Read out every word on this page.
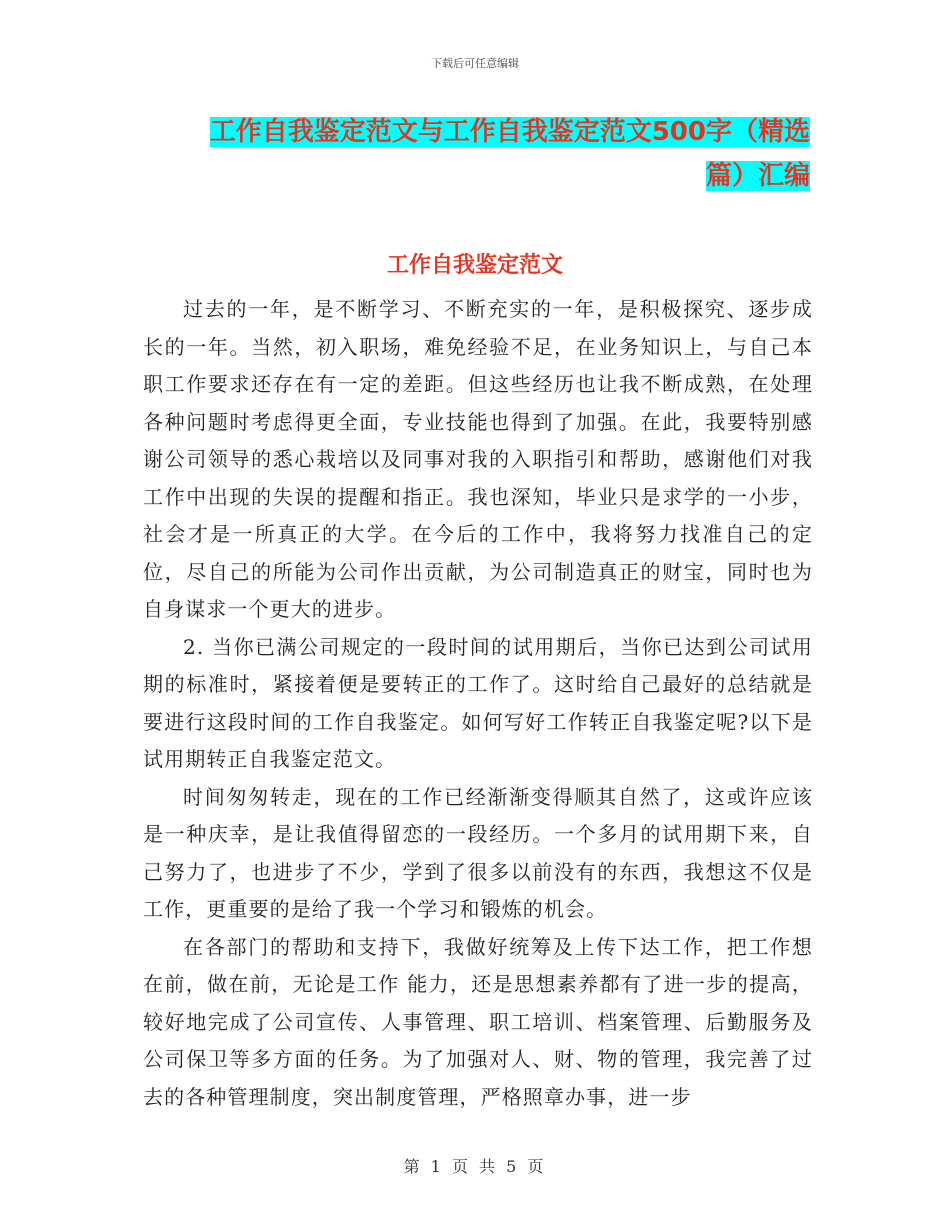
下载后可任意编辑
工作自我鉴定范文与工作自我鉴定范文500字（精选篇）汇编
工作自我鉴定范文

过去的一年，是不断学习、不断充实的一年，是积极探究、逐步成长的一年。当然，初入职场，难免经验不足，在业务知识上，与自己本职工作要求还存在有一定的差距。但这些经历也让我不断成熟，在处理各种问题时考虑得更全面，专业技能也得到了加强。在此，我要特别感谢公司领导的悉心栽培以及同事对我的入职指引和帮助，感谢他们对我工作中出现的失误的提醒和指正。我也深知，毕业只是求学的一小步，社会才是一所真正的大学。在今后的工作中，我将努力找准自己的定位，尽自己的所能为公司作出贡献，为公司制造真正的财宝，同时也为自身谋求一个更大的进步。

2. 当你已满公司规定的一段时间的试用期后，当你已达到公司试用期的标准时，紧接着便是要转正的工作了。这时给自己最好的总结就是要进行这段时间的工作自我鉴定。如何写好工作转正自我鉴定呢?以下是试用期转正自我鉴定范文。

时间匆匆转走，现在的工作已经渐渐变得顺其自然了，这或许应该是一种庆幸，是让我值得留恋的一段经历。一个多月的试用期下来，自己努力了，也进步了不少，学到了很多以前没有的东西，我想这不仅是工作，更重要的是给了我一个学习和锻炼的机会。

在各部门的帮助和支持下，我做好统筹及上传下达工作，把工作想在前，做在前，无论是工作 能力，还是思想素养都有了进一步的提高，较好地完成了公司宣传、人事管理、职工培训、档案管理、后勤服务及公司保卫等多方面的任务。为了加强对人、财、物的管理，我完善了过去的各种管理制度，突出制度管理，严格照章办事，进一步

第 1 页 共 5 页
